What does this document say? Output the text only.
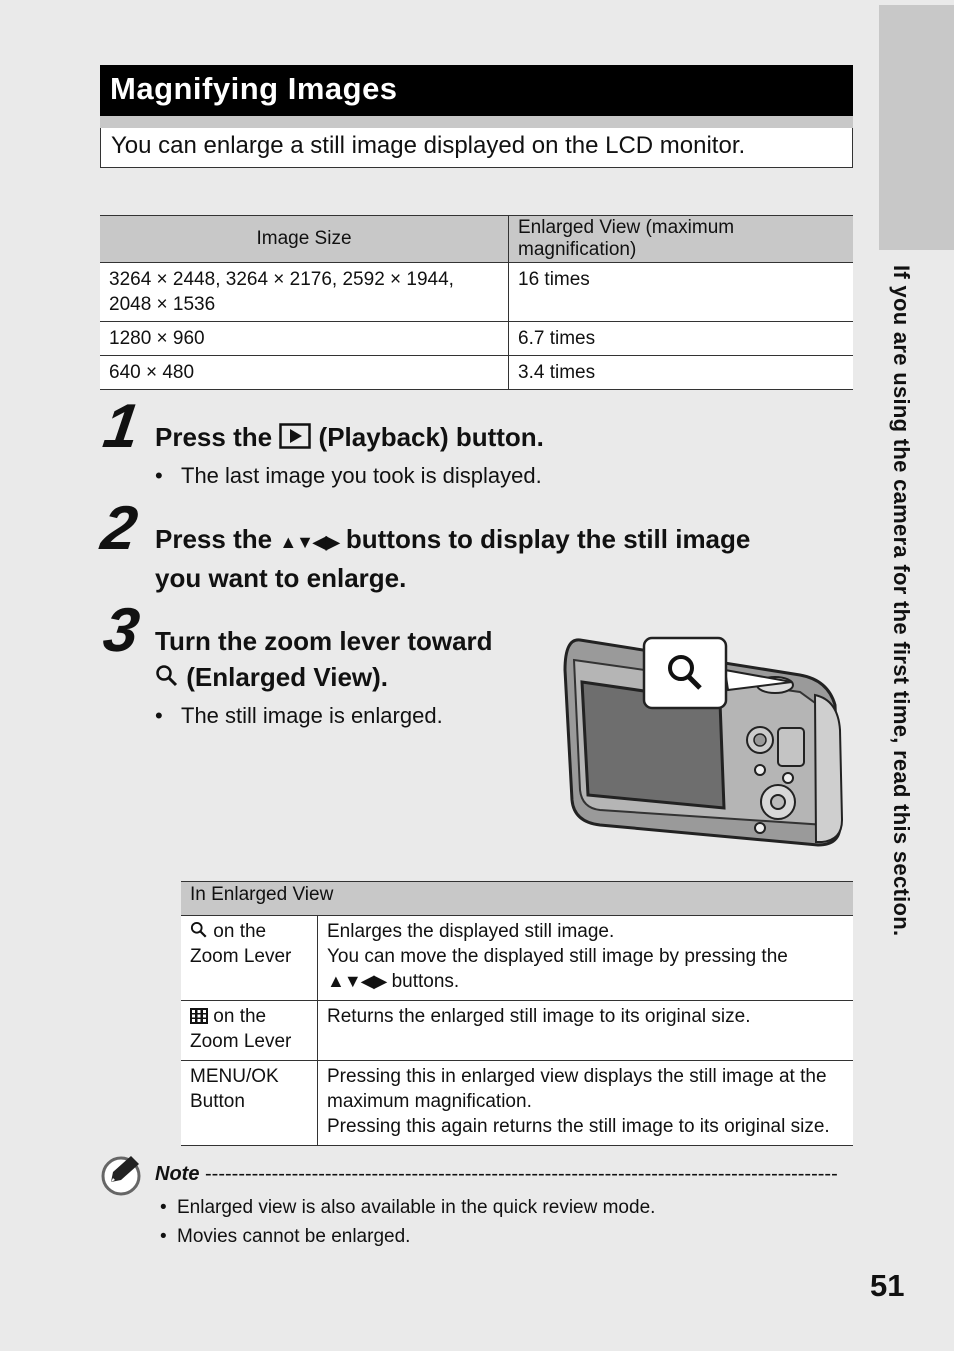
If you are using the camera for the first time, read this section.
Magnifying Images
You can enlarge a still image displayed on the LCD monitor.
Image Size	Enlarged View (maximum magnification)
3264 × 2448, 3264 × 2176, 2592 × 1944,
2048 × 1536	16 times
1280 × 960	6.7 times
640 × 480	3.4 times
1 Press the (Playback) button.
• The last image you took is displayed.
2 Press the ▲▼◀▶ buttons to display the still image
you want to enlarge.
3 Turn the zoom lever toward
(Enlarged View).
• The still image is enlarged.
In Enlarged View	
on the
Zoom Lever	Enlarges the displayed still image.
You can move the displayed still image by pressing the
▲▼◀▶ buttons.
on the
Zoom Lever	Returns the enlarged still image to its original size.
MENU/OK
Button	Pressing this in enlarged view displays the still image at the
maximum magnification.
Pressing this again returns the still image to its original size.
Note -----------------------------------------------------------------------------------------------
• Enlarged view is also available in the quick review mode.
• Movies cannot be enlarged.
51
